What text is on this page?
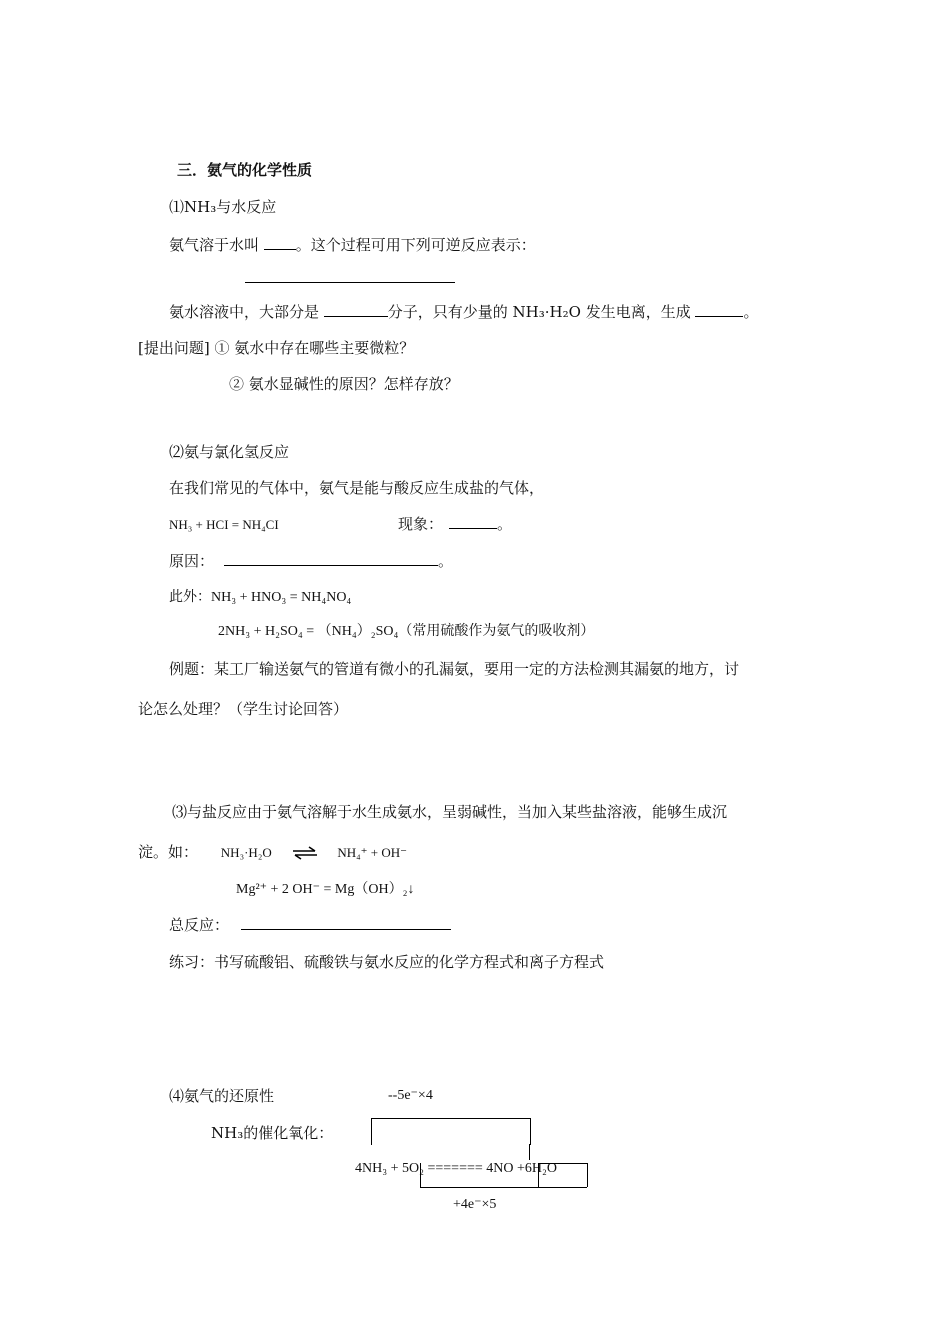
三．氨气的化学性质
⑴NH₃与水反应
氨气溶于水叫 。这个过程可用下列可逆反应表示：
氨水溶液中，大部分是	分子，只有少量的 NH₃·H₂O 发生电离，生成	。
[提出问题] ① 氨水中存在哪些主要微粒？
② 氨水显碱性的原因？怎样存放？
⑵氨与氯化氢反应
在我们常见的气体中，氨气是能与酸反应生成盐的气体，
NH₃ + HCI = NH₄CI	现象：	。
原因：	。
此外：NH₃ + HNO₃ = NH₄NO₄
2NH₃ + H₂SO₄ = （NH₄）₂SO₄（常用硫酸作为氨气的吸收剂）
例题：某工厂输送氨气的管道有微小的孔漏氨，要用一定的方法检测其漏氨的地方，讨
论怎么处理？（学生讨论回答）
⑶与盐反应由于氨气溶解于水生成氨水，呈弱碱性，当加入某些盐溶液，能够生成沉
淀。如： NH₃·H₂O ⇌ NH₄⁺ + OH⁻
Mg²⁺ + 2 OH⁻ = Mg（OH）₂↓
总反应：
练习：书写硫酸铝、硫酸铁与氨水反应的化学方程式和离子方程式
⑷氨气的还原性	--5e⁻×4
NH₃的催化氧化：
4NH₃ + 5O₂ ======= 4NO +6H₂O
+4e⁻×5
